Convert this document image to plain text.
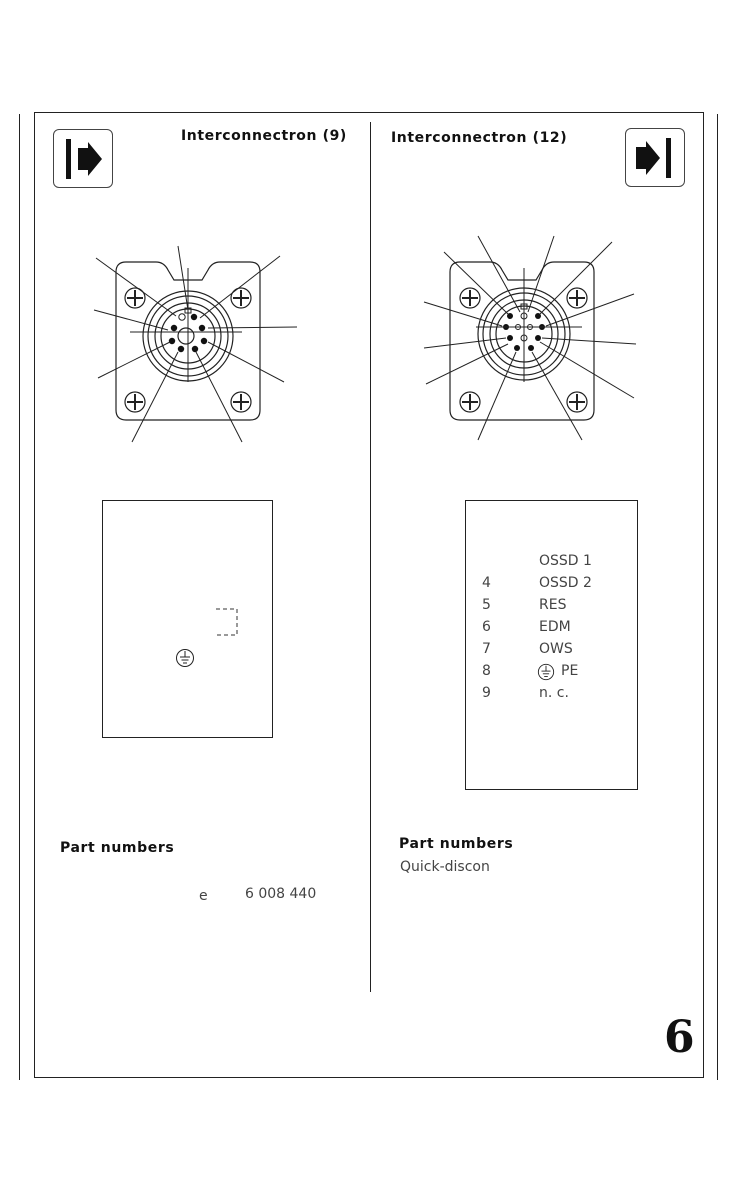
Interconnectron (9)
Part numbers
e	6 008 440
Interconnectron (12)
OSSD 1
4	OSSD 2
5	RES
6	EDM
7	OWS
8	PE
9	n. c.
Part numbers
Quick-discon
6
